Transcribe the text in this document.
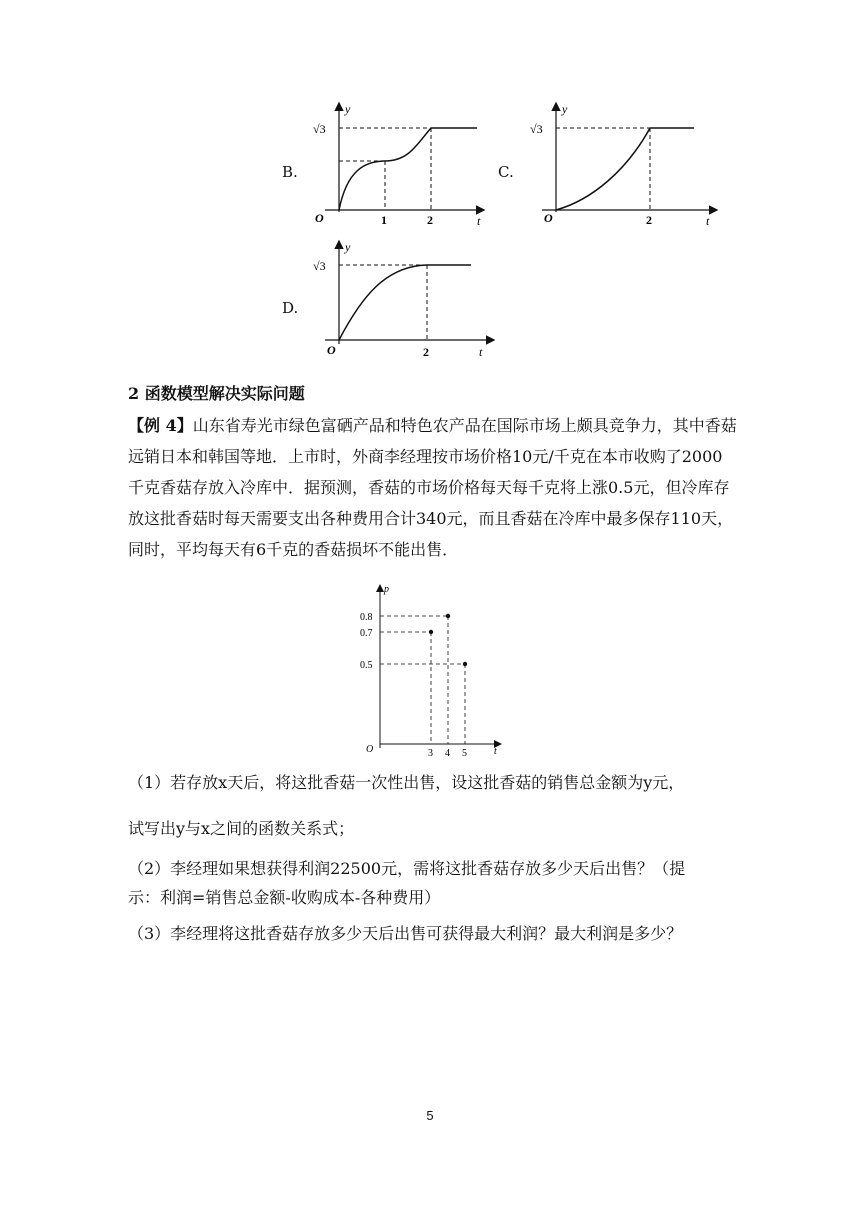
B.
y
√3
O	1	2	t
C.
y
√3
O	2	t
D.
y
√3
O	2	t
2 函数模型解决实际问题
【例 4】山东省寿光市绿色富硒产品和特色农产品在国际市场上颇具竞争力，其中香菇远销日本和韩国等地．上市时，外商李经理按市场价格10元/千克在本市收购了2000千克香菇存放入冷库中．据预测，香菇的市场价格每天每千克将上涨0.5元，但冷库存放这批香菇时每天需要支出各种费用合计340元，而且香菇在冷库中最多保存110天，同时，平均每天有6千克的香菇损坏不能出售．
p
t
O	3 4 5
0.8
0.7
0.5
（1）若存放x天后，将这批香菇一次性出售，设这批香菇的销售总金额为y元，
试写出y与x之间的函数关系式；
（2）李经理如果想获得利润22500元，需将这批香菇存放多少天后出售？（提
示：利润=销售总金额-收购成本-各种费用）
（3）李经理将这批香菇存放多少天后出售可获得最大利润？最大利润是多少？
5
